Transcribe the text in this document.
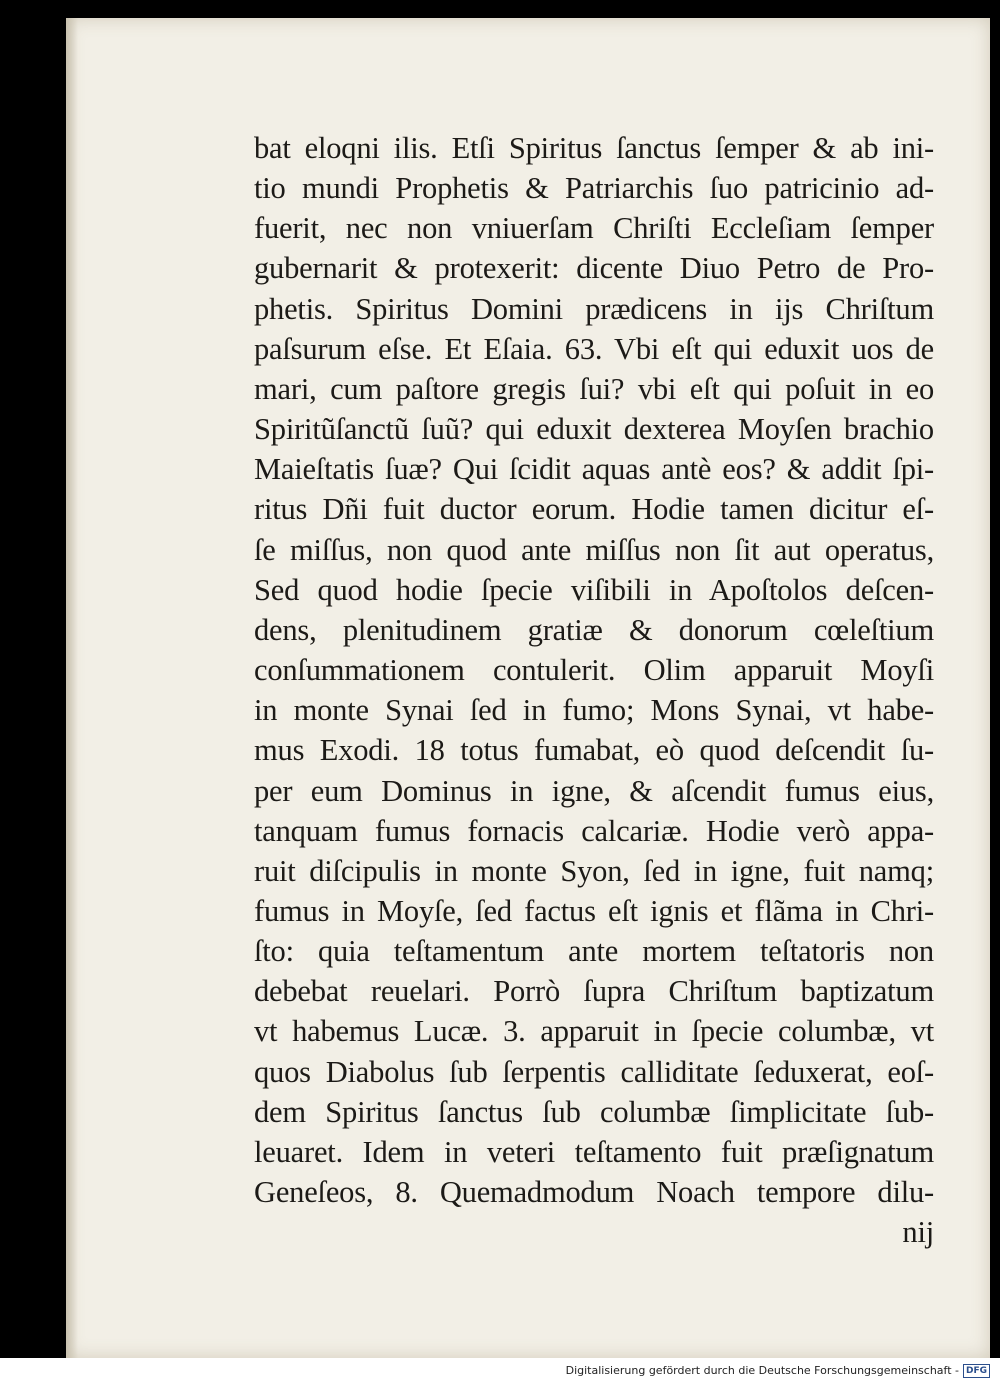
bat eloqni ilis. Etſi Spiritus ſanctus ſemper & ab ini-
tio mundi Prophetis & Patriarchis ſuo patricinio ad-
fuerit, nec non vniuerſam Chriſti Eccleſiam ſemper
gubernarit & protexerit: dicente Diuo Petro de Pro-
phetis. Spiritus Domini prædicens in ijs Chriſtum
paſsurum eſse. Et Eſaia. 63. Vbi eſt qui eduxit uos de
mari, cum paſtore gregis ſui? vbi eſt qui poſuit in eo
Spiritũſanctũ ſuũ? qui eduxit dexterea Moyſen brachio
Maieſtatis ſuæ? Qui ſcidit aquas antè eos? & addit ſpi-
ritus Dñi fuit ductor eorum. Hodie tamen dicitur eſ-
ſe miſſus, non quod ante miſſus non ſit aut operatus,
Sed quod hodie ſpecie viſibili in Apoſtolos deſcen-
dens, plenitudinem gratiæ & donorum cœleſtium
conſummationem contulerit. Olim apparuit Moyſi
in monte Synai ſed in fumo; Mons Synai, vt habe-
mus Exodi. 18 totus fumabat, eò quod deſcendit ſu-
per eum Dominus in igne, & aſcendit fumus eius,
tanquam fumus fornacis calcariæ. Hodie verò appa-
ruit diſcipulis in monte Syon, ſed in igne, fuit namq;
fumus in Moyſe, ſed factus eſt ignis et flãma in Chri-
ſto: quia teſtamentum ante mortem teſtatoris non
debebat reuelari. Porrò ſupra Chriſtum baptizatum
vt habemus Lucæ. 3. apparuit in ſpecie columbæ, vt
quos Diabolus ſub ſerpentis calliditate ſeduxerat, eoſ-
dem Spiritus ſanctus ſub columbæ ſimplicitate ſub-
leuaret. Idem in veteri teſtamento fuit præſignatum
Geneſeos, 8. Quemadmodum Noach tempore dilu-
nij
Digitalisierung gefördert durch die Deutsche Forschungsgemeinschaft - DFG
